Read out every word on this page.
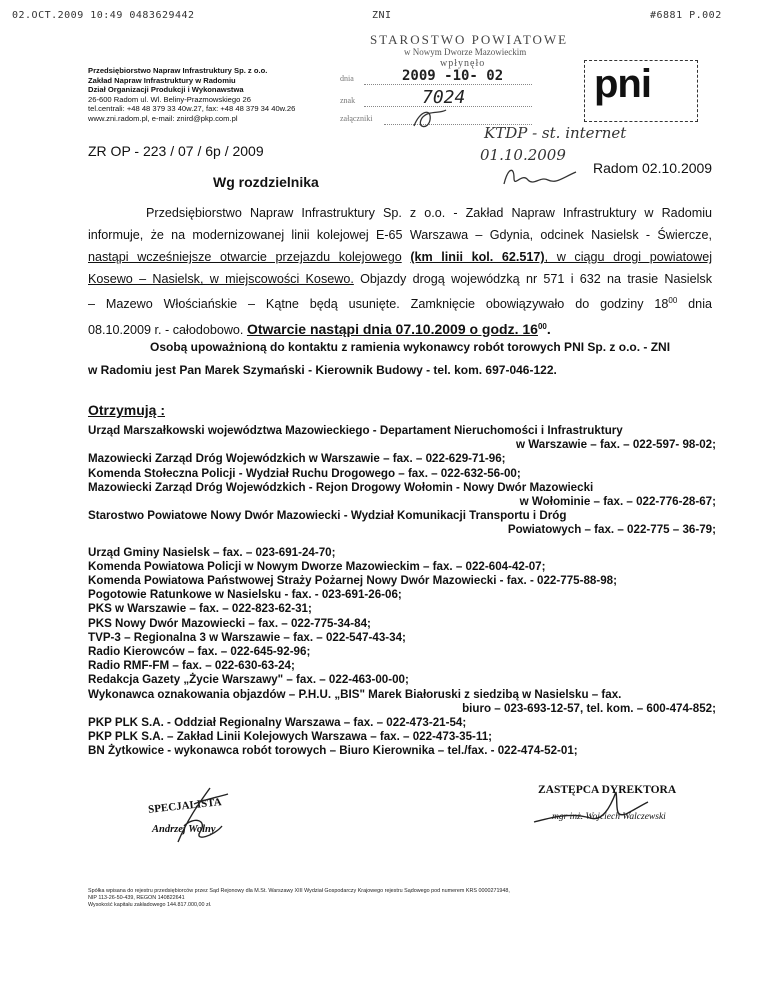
02.OCT.2009 10:49 0483629442	ZNI	#6881 P.002
Przedsiębiorstwo Napraw Infrastruktury Sp. z o.o.
Zakład Napraw Infrastruktury w Radomiu
Dział Organizacji Produkcji i Wykonawstwa
26-600 Radom ul. Wl. Beliny-Prazmowskiego 26
tel.centrali: +48 48 379 33 40w.27, fax: +48 48 379 34 40w.26
www.zni.radom.pl, e-mail: znird@pkp.com.pl
STAROSTWO POWIATOWE
w Nowym Dworze Mazowieckim
wpłynęło
dnia	2009 -10- 02
znak	7024
załączniki
pni
ZR OP - 223 / 07 / 6p / 2009
KTDP - st. internet
01.10.2009
Radom 02.10.2009
Wg rozdzielnika

Przedsiębiorstwo Napraw Infrastruktury Sp. z o.o. - Zakład Napraw Infrastruktury w Radomiu

informuje, że na modernizowanej linii kolejowej E-65 Warszawa – Gdynia, odcinek Nasielsk - Świercze,

nastąpi wcześniejsze otwarcie przejazdu kolejowego (km linii kol. 62.517), w ciągu drogi powiatowej

Kosewo – Nasielsk, w miejscowości Kosewo. Objazdy drogą wojewódzką nr 571 i 632 na trasie Nasielsk

– Mazewo Włościańskie – Kątne będą usunięte. Zamknięcie obowiązywało do godziny $18^{00}$ dnia

08.10.2009 r. - całodobowo. Otwarcie nastąpi dnia 07.10.2009 o godz. $16^{00}$.

Osobą upoważnioną do kontaktu z ramienia wykonawcy robót torowych PNI Sp. z o.o. - ZNI

w Radomiu jest Pan Marek Szymański - Kierownik Budowy - tel. kom. 697-046-122.

Otrzymują :
Urząd Marszałkowski województwa Mazowieckiego - Departament Nieruchomości i Infrastruktury
w Warszawie – fax. – 022-597- 98-02;
Mazowiecki Zarząd Dróg Wojewódzkich w Warszawie – fax. – 022-629-71-96;
Komenda Stołeczna Policji - Wydział Ruchu Drogowego – fax. – 022-632-56-00;
Mazowiecki Zarząd Dróg Wojewódzkich - Rejon Drogowy Wołomin - Nowy Dwór Mazowiecki
w Wołominie – fax. – 022-776-28-67;
Starostwo Powiatowe Nowy Dwór Mazowiecki - Wydział Komunikacji Transportu i Dróg
Powiatowych – fax. – 022-775 – 36-79;
Urząd Gminy Nasielsk – fax. – 023-691-24-70;
Komenda Powiatowa Policji w Nowym Dworze Mazowieckim – fax. – 022-604-42-07;
Komenda Powiatowa Państwowej Straży Pożarnej Nowy Dwór Mazowiecki - fax. - 022-775-88-98;
Pogotowie Ratunkowe w Nasielsku - fax. - 023-691-26-06;
PKS w Warszawie – fax. – 022-823-62-31;
PKS Nowy Dwór Mazowiecki – fax. – 022-775-34-84;
TVP-3 – Regionalna 3 w Warszawie – fax. – 022-547-43-34;
Radio Kierowców – fax. – 022-645-92-96;
Radio RMF-FM – fax. – 022-630-63-24;
Redakcja Gazety „Życie Warszawy" – fax. – 022-463-00-00;
Wykonawca oznakowania objazdów – P.H.U. „BIS" Marek Białoruski z siedzibą w Nasielsku – fax.
biuro – 023-693-12-57, tel. kom. – 600-474-852;
PKP PLK S.A. - Oddział Regionalny Warszawa – fax. – 022-473-21-54;
PKP PLK S.A. – Zakład Linii Kolejowych Warszawa – fax. – 022-473-35-11;
BN Żytkowice - wykonawca robót torowych – Biuro Kierownika – tel./fax. - 022-474-52-01;
SPECJALISTA
Andrzej Wolny
ZASTĘPCA DYREKTORA
mgr inż. Wojciech Walczewski
Spółka wpisana do rejestru przedsiębiorców przez Sąd Rejonowy dla M.St. Warszawy XIII Wydział Gospodarczy Krajowego rejestru Sądowego pod numerem KRS 0000271948,
NIP 113-26-50-439, REGON 140822641
Wysokość kapitału zakładowego 144.817.000,00 zł.
